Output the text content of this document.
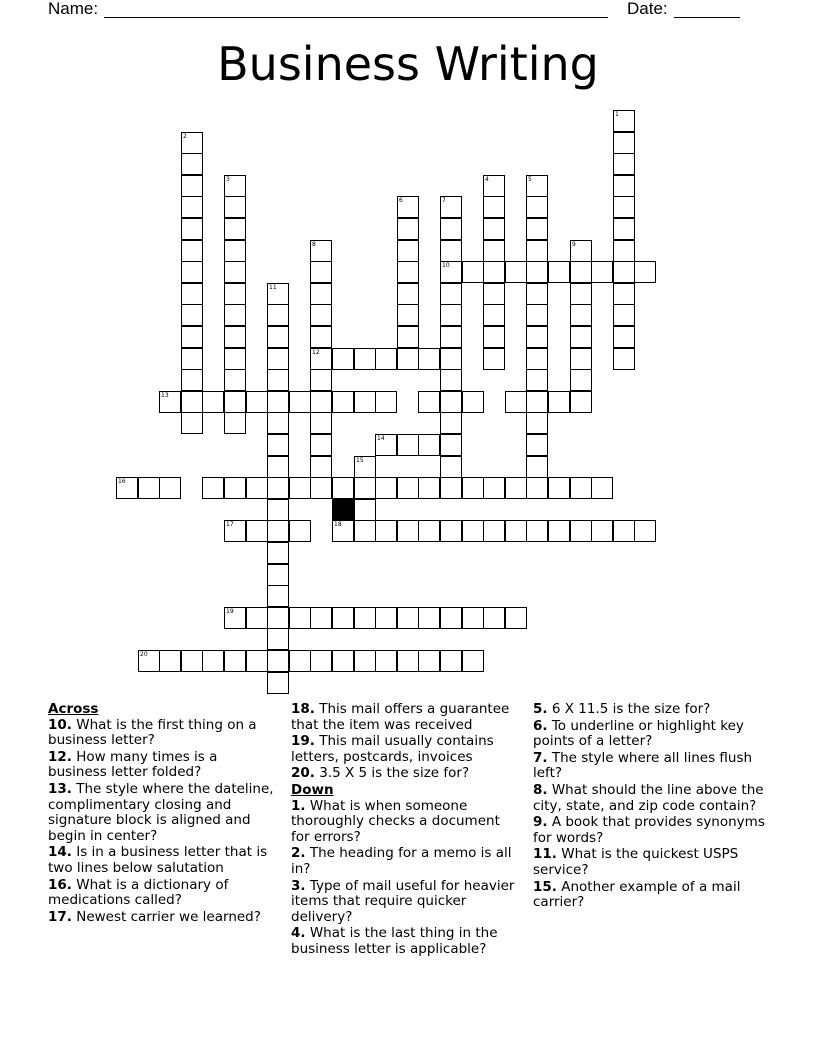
Name:	Date:
Business Writing
1
2
3	4	5
6	7
8	9
10
11
12
13
14
15
16
17	18
19
20
Across
10. What is the first thing on a business letter?
12. How many times is a business letter folded?
13. The style where the dateline, complimentary closing and signature block is aligned and begin in center?
14. Is in a business letter that is two lines below salutation
16. What is a dictionary of medications called?
17. Newest carrier we learned?
18. This mail offers a guarantee that the item was received
19. This mail usually contains letters, postcards, invoices
20. 3.5 X 5 is the size for?
Down
1. What is when someone thoroughly checks a document for errors?
2. The heading for a memo is all in?
3. Type of mail useful for heavier items that require quicker delivery?
4. What is the last thing in the business letter is applicable?
5. 6 X 11.5 is the size for?
6. To underline or highlight key points of a letter?
7. The style where all lines flush left?
8. What should the line above the city, state, and zip code contain?
9. A book that provides synonyms for words?
11. What is the quickest USPS service?
15. Another example of a mail carrier?
